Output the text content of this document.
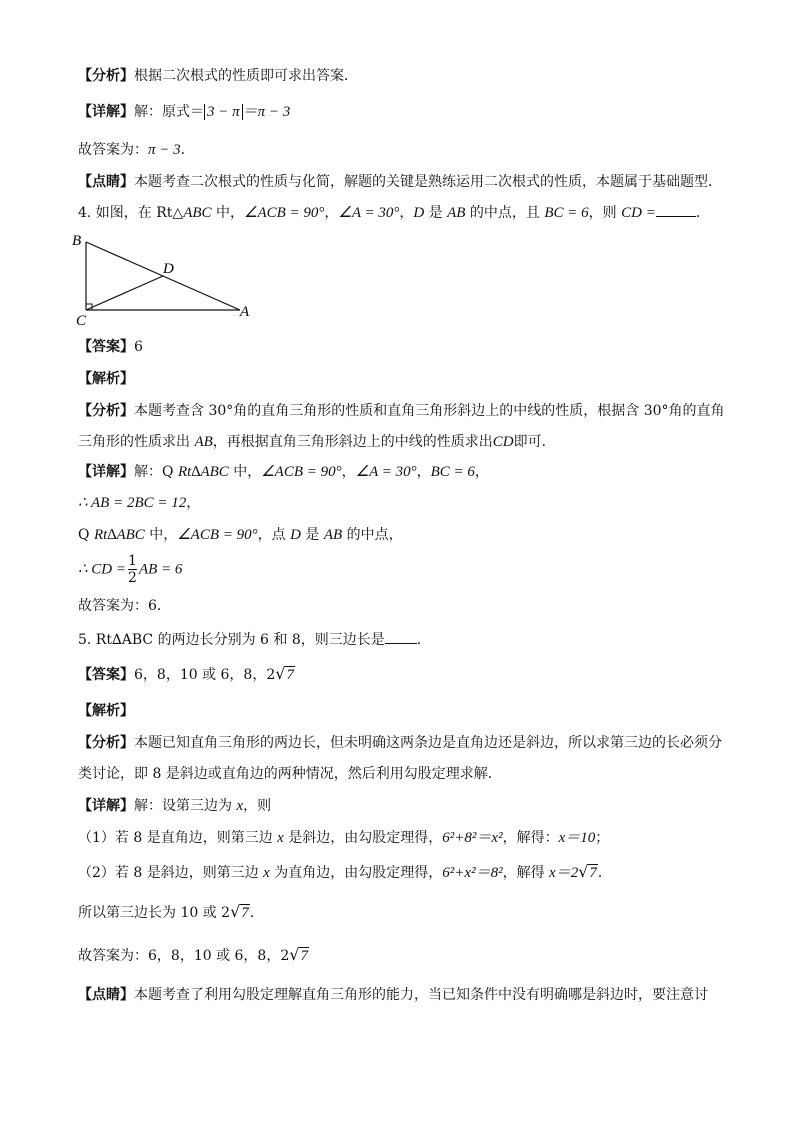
【分析】根据二次根式的性质即可求出答案．
【详解】解：原式＝ 3 − π ＝π − 3
故答案为：π − 3．
【点睛】本题考查二次根式的性质与化简，解题的关键是熟练运用二次根式的性质，本题属于基础题型．
4. 如图，在 Rt△ABC 中，∠ACB = 90°，∠A = 30°，D 是 AB 的中点，且 BC = 6，则 CD =	．
B
C
D
A
【答案】6
【解析】
【分析】本题考查含 30°角的直角三角形的性质和直角三角形斜边上的中线的性质，根据含 30°角的直角
三角形的性质求出 AB，再根据直角三角形斜边上的中线的性质求出CD即可．
【详解】解：Q Rt∆ABC 中，∠ACB = 90°，∠A = 30°，BC = 6，
∴ AB = 2BC = 12，
Q Rt∆ABC 中，∠ACB = 90°，点 D 是 AB 的中点，
∴ CD = $\frac{1}{2}$ AB = 6
故答案为：6．
5. Rt∆ABC 的两边长分别为 6 和 8，则三边长是 ．
【答案】6，8，10 或 6，8，2√7
【解析】
【分析】本题已知直角三角形的两边长，但未明确这两条边是直角边还是斜边，所以求第三边的长必须分
类讨论，即 8 是斜边或直角边的两种情况，然后利用勾股定理求解．
【详解】解：设第三边为 x，则
（1）若 8 是直角边，则第三边 x 是斜边，由勾股定理得，6²+8²＝x²，解得：x＝10；
（2）若 8 是斜边，则第三边 x 为直角边，由勾股定理得，6²+x²＝8²，解得 x＝2√7．
所以第三边长为 10 或 2√7．
故答案为：6，8，10 或 6，8，2√7
【点睛】本题考查了利用勾股定理解直角三角形的能力，当已知条件中没有明确哪是斜边时，要注意讨
